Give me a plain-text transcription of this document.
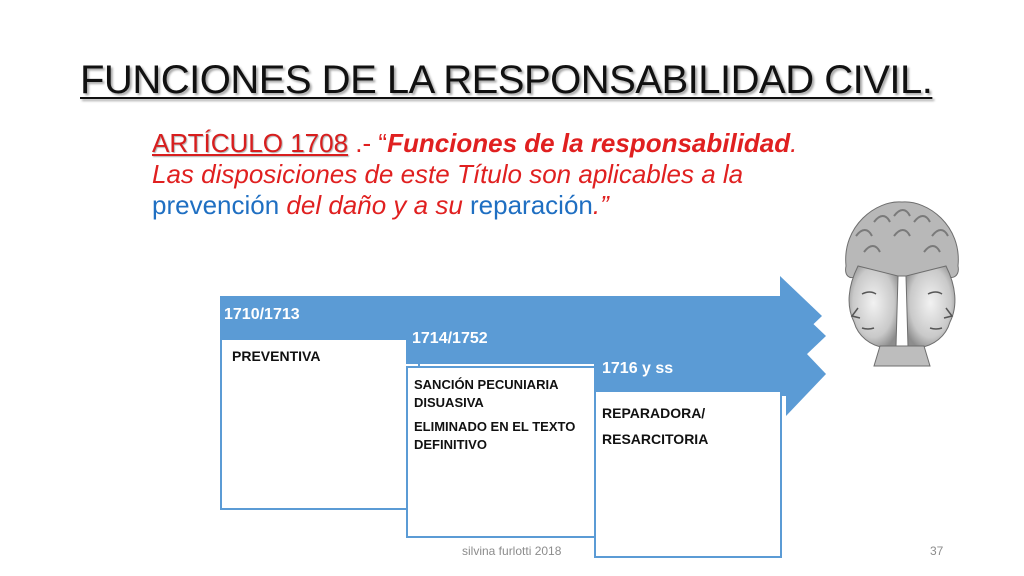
FUNCIONES DE LA RESPONSABILIDAD CIVIL.
ARTÍCULO 1708 .- “Funciones de la responsabilidad.
Las disposiciones de este Título son aplicables a la
prevención del daño y a su reparación.”
1710/1713
PREVENTIVA
1714/1752
SANCIÓN PECUNIARIA
DISUASIVA
ELIMINADO EN EL TEXTO
DEFINITIVO
1716 y ss
REPARADORA/
RESARCITORIA
silvina furlotti 2018	37
